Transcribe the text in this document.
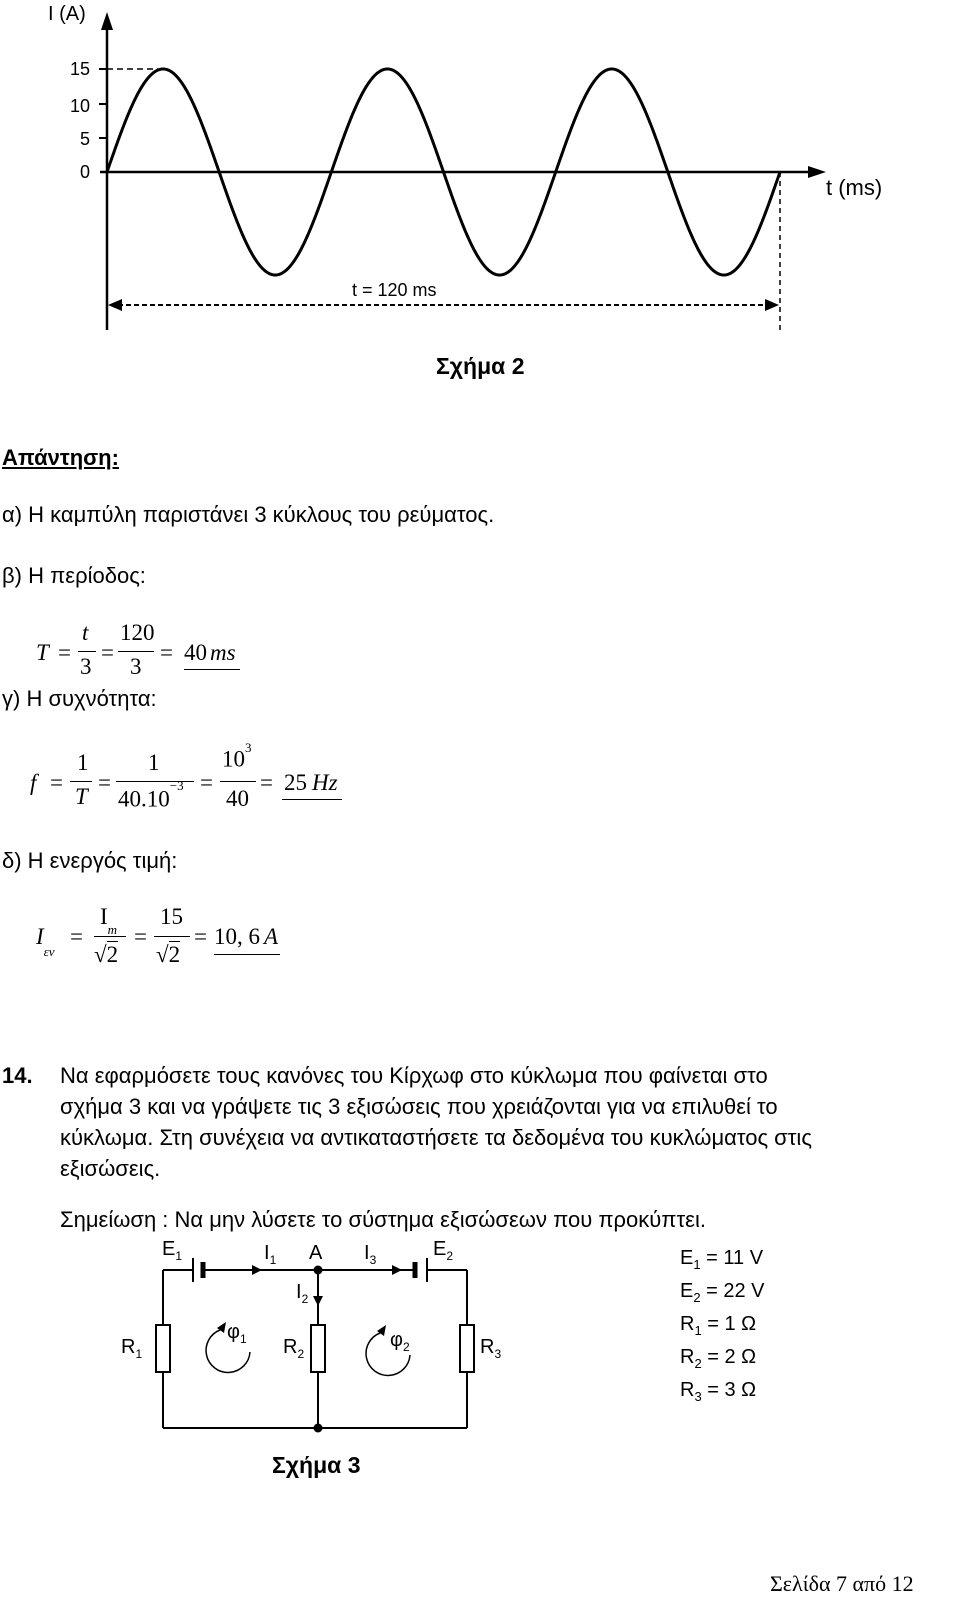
I (A)
15
10
5
0
t (ms)
t = 120 ms
Σχήμα 2
Απάντηση:
α) Η καμπύλη παριστάνει 3 κύκλους του ρεύματος.
β) Η περίοδος:
T =
t
3
=
120
3
= 40 ms
γ) Η συχνότητα:
f =
1
T
=
1
$40.10^{-3}$ =
$10^3$
40
= 25 Hz
δ) Η ενεργός τιμή:
$I_{\varepsilon\nu}$
=
$I_m$
√2
=
15
√2
= 10, 6 A
14. Να εφαρμόσετε τους κανόνες του Κίρχωφ στο κύκλωμα που φαίνεται στο
σχήμα 3 και να γράψετε τις 3 εξισώσεις που χρειάζονται για να επιλυθεί το
κύκλωμα. Στη συνέχεια να αντικαταστήσετε τα δεδομένα του κυκλώματος στις
εξισώσεις.
Σημείωση : Να μην λύσετε το σύστημα εξισώσεων που προκύπτει.
$E_1$	$I_1$ A $I_3$	$E_2$
$I_2$
$R_1$
$\varphi_1$ $R_2$
$\varphi_2$	$R_3$
$E_1 = 11$ V
$E_2 = 22$ V
$R_1 = 1$ Ω
$R_2 = 2$ Ω
$R_3 = 3$ Ω
Σχήμα 3
Σελίδα 7 από 12
